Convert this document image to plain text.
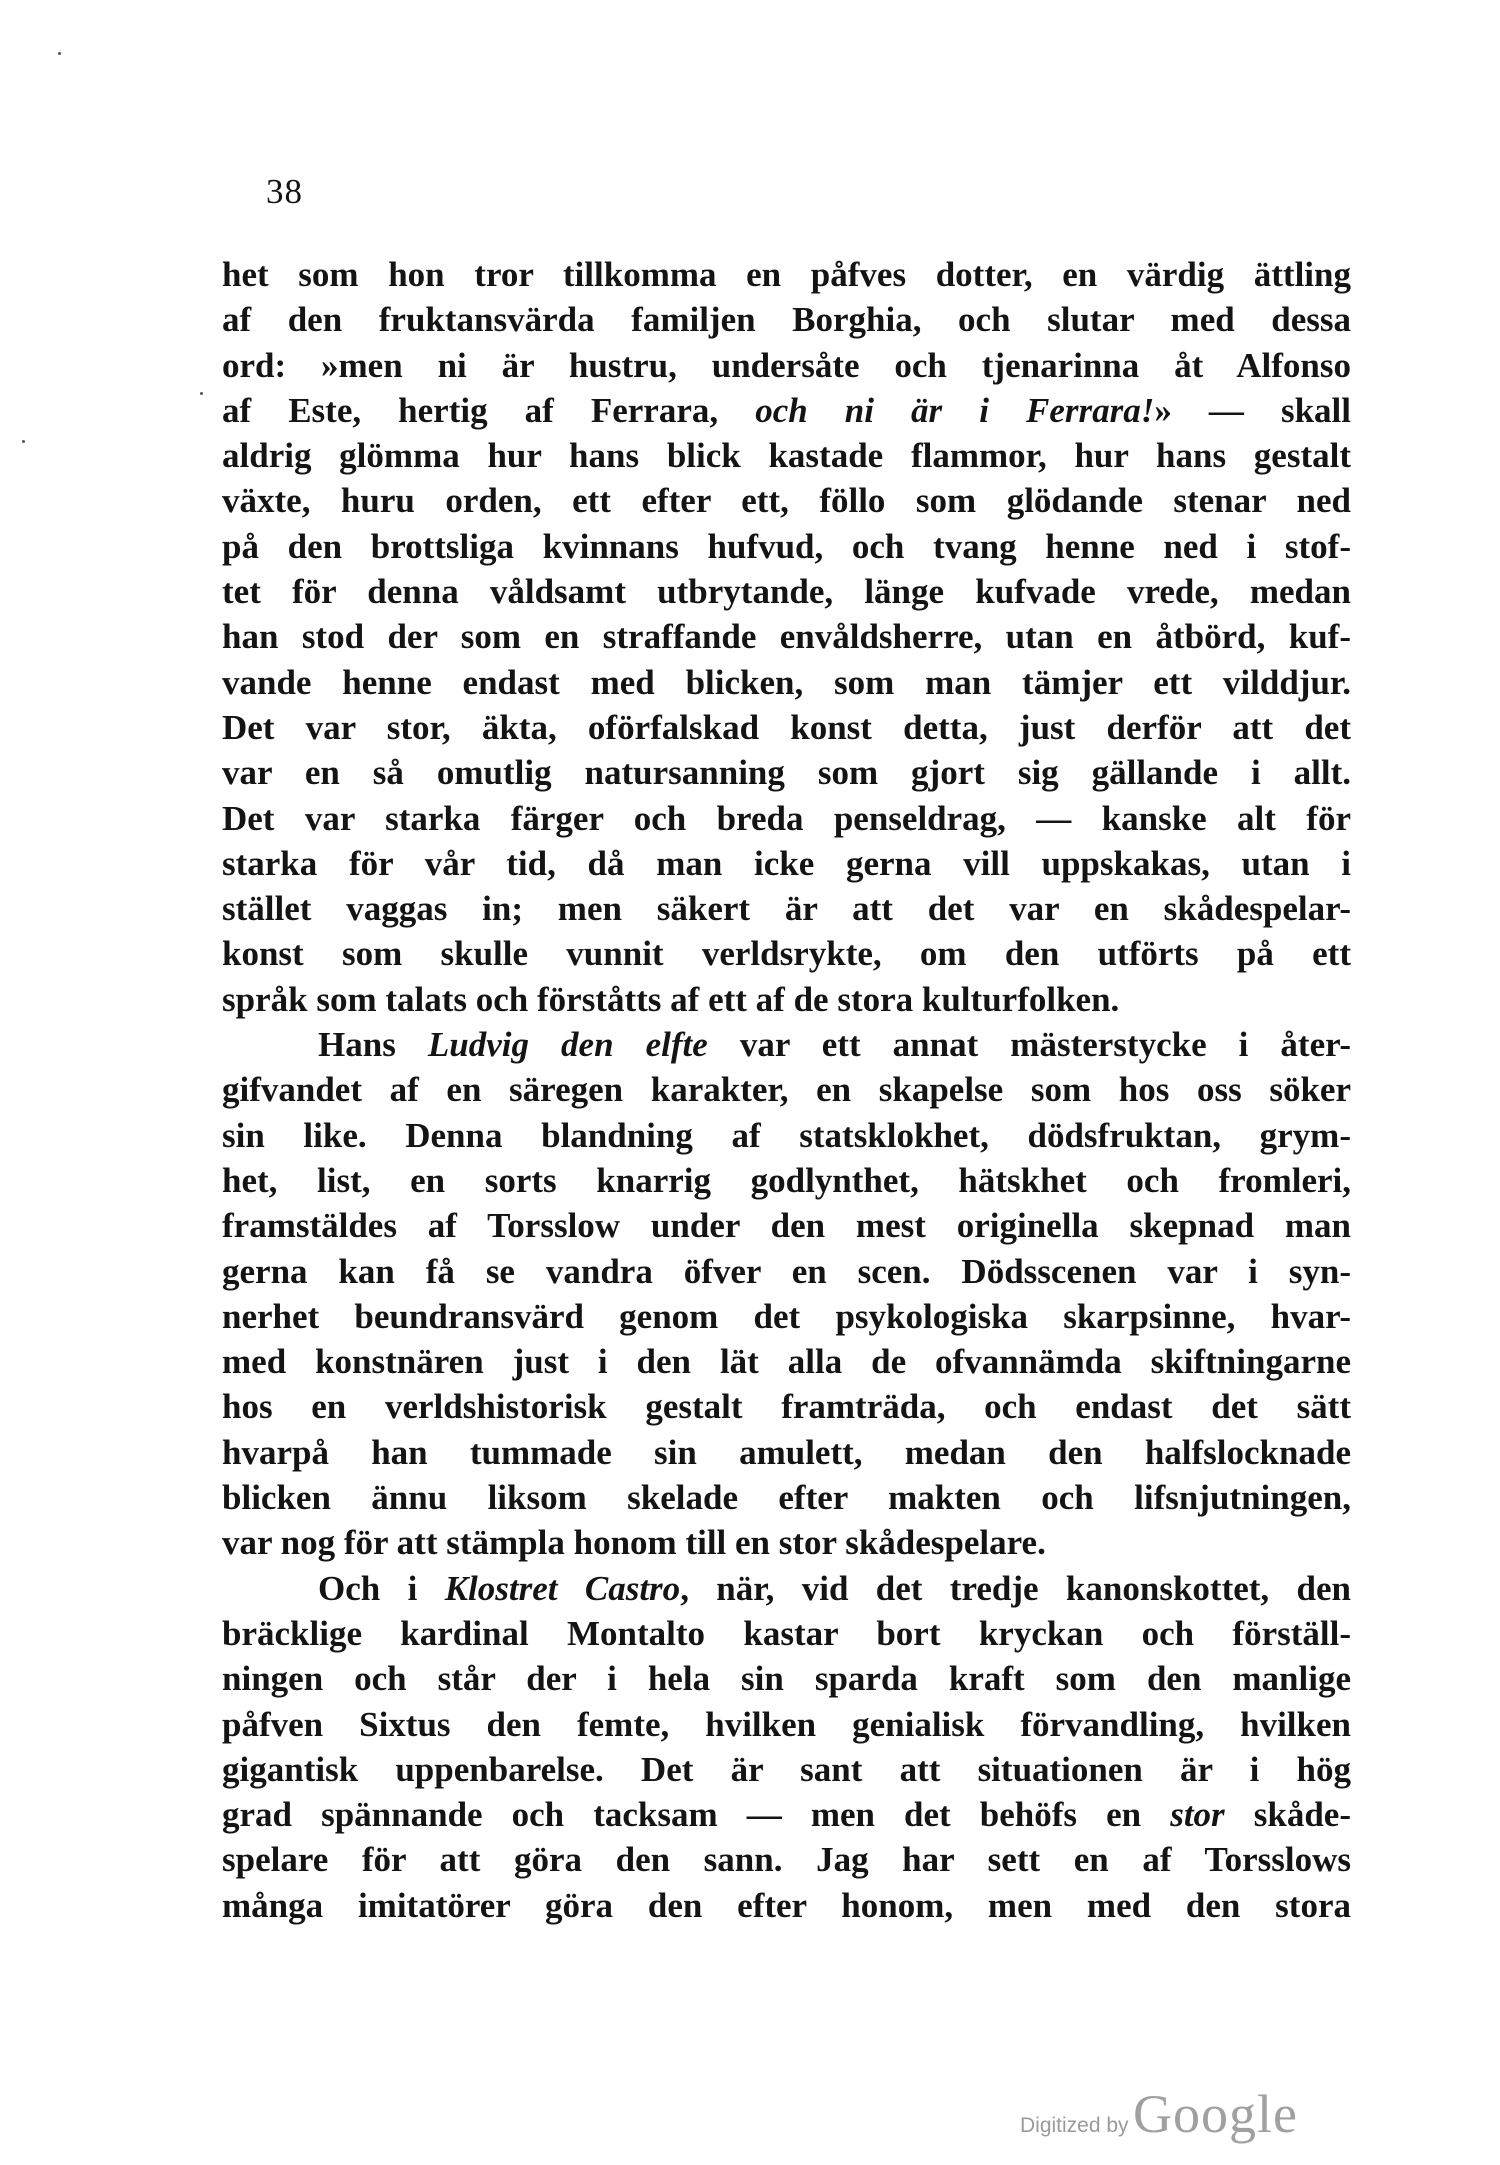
38
het som hon tror tillkomma en påfves dotter, en värdig ättling
af den fruktansvärda familjen Borghia, och slutar med dessa
ord: »men ni är hustru, undersåte och tjenarinna åt Alfonso
af Este, hertig af Ferrara, och ni är i Ferrara!» — skall
aldrig glömma hur hans blick kastade flammor, hur hans gestalt
växte, huru orden, ett efter ett, föllo som glödande stenar ned
på den brottsliga kvinnans hufvud, och tvang henne ned i stof-
tet för denna våldsamt utbrytande, länge kufvade vrede, medan
han stod der som en straffande envåldsherre, utan en åtbörd, kuf-
vande henne endast med blicken, som man tämjer ett vilddjur.
Det var stor, äkta, oförfalskad konst detta, just derför att det
var en så omutlig natursanning som gjort sig gällande i allt.
Det var starka färger och breda penseldrag, — kanske alt för
starka för vår tid, då man icke gerna vill uppskakas, utan i
stället vaggas in; men säkert är att det var en skådespelar-
konst som skulle vunnit verldsrykte, om den utförts på ett
språk som talats och förståtts af ett af de stora kulturfolken.
Hans Ludvig den elfte var ett annat mästerstycke i åter-
gifvandet af en säregen karakter, en skapelse som hos oss söker
sin like. Denna blandning af statsklokhet, dödsfruktan, grym-
het, list, en sorts knarrig godlynthet, hätskhet och fromleri,
framstäldes af Torsslow under den mest originella skepnad man
gerna kan få se vandra öfver en scen. Dödsscenen var i syn-
nerhet beundransvärd genom det psykologiska skarpsinne, hvar-
med konstnären just i den lät alla de ofvannämda skiftningarne
hos en verldshistorisk gestalt framträda, och endast det sätt
hvarpå han tummade sin amulett, medan den halfslocknade
blicken ännu liksom skelade efter makten och lifsnjutningen,
var nog för att stämpla honom till en stor skådespelare.
Och i Klostret Castro, när, vid det tredje kanonskottet, den
bräcklige kardinal Montalto kastar bort kryckan och förställ-
ningen och står der i hela sin sparda kraft som den manlige
påfven Sixtus den femte, hvilken genialisk förvandling, hvilken
gigantisk uppenbarelse. Det är sant att situationen är i hög
grad spännande och tacksam — men det behöfs en stor skåde-
spelare för att göra den sann. Jag har sett en af Torsslows
många imitatörer göra den efter honom, men med den stora
Digitized by Google
